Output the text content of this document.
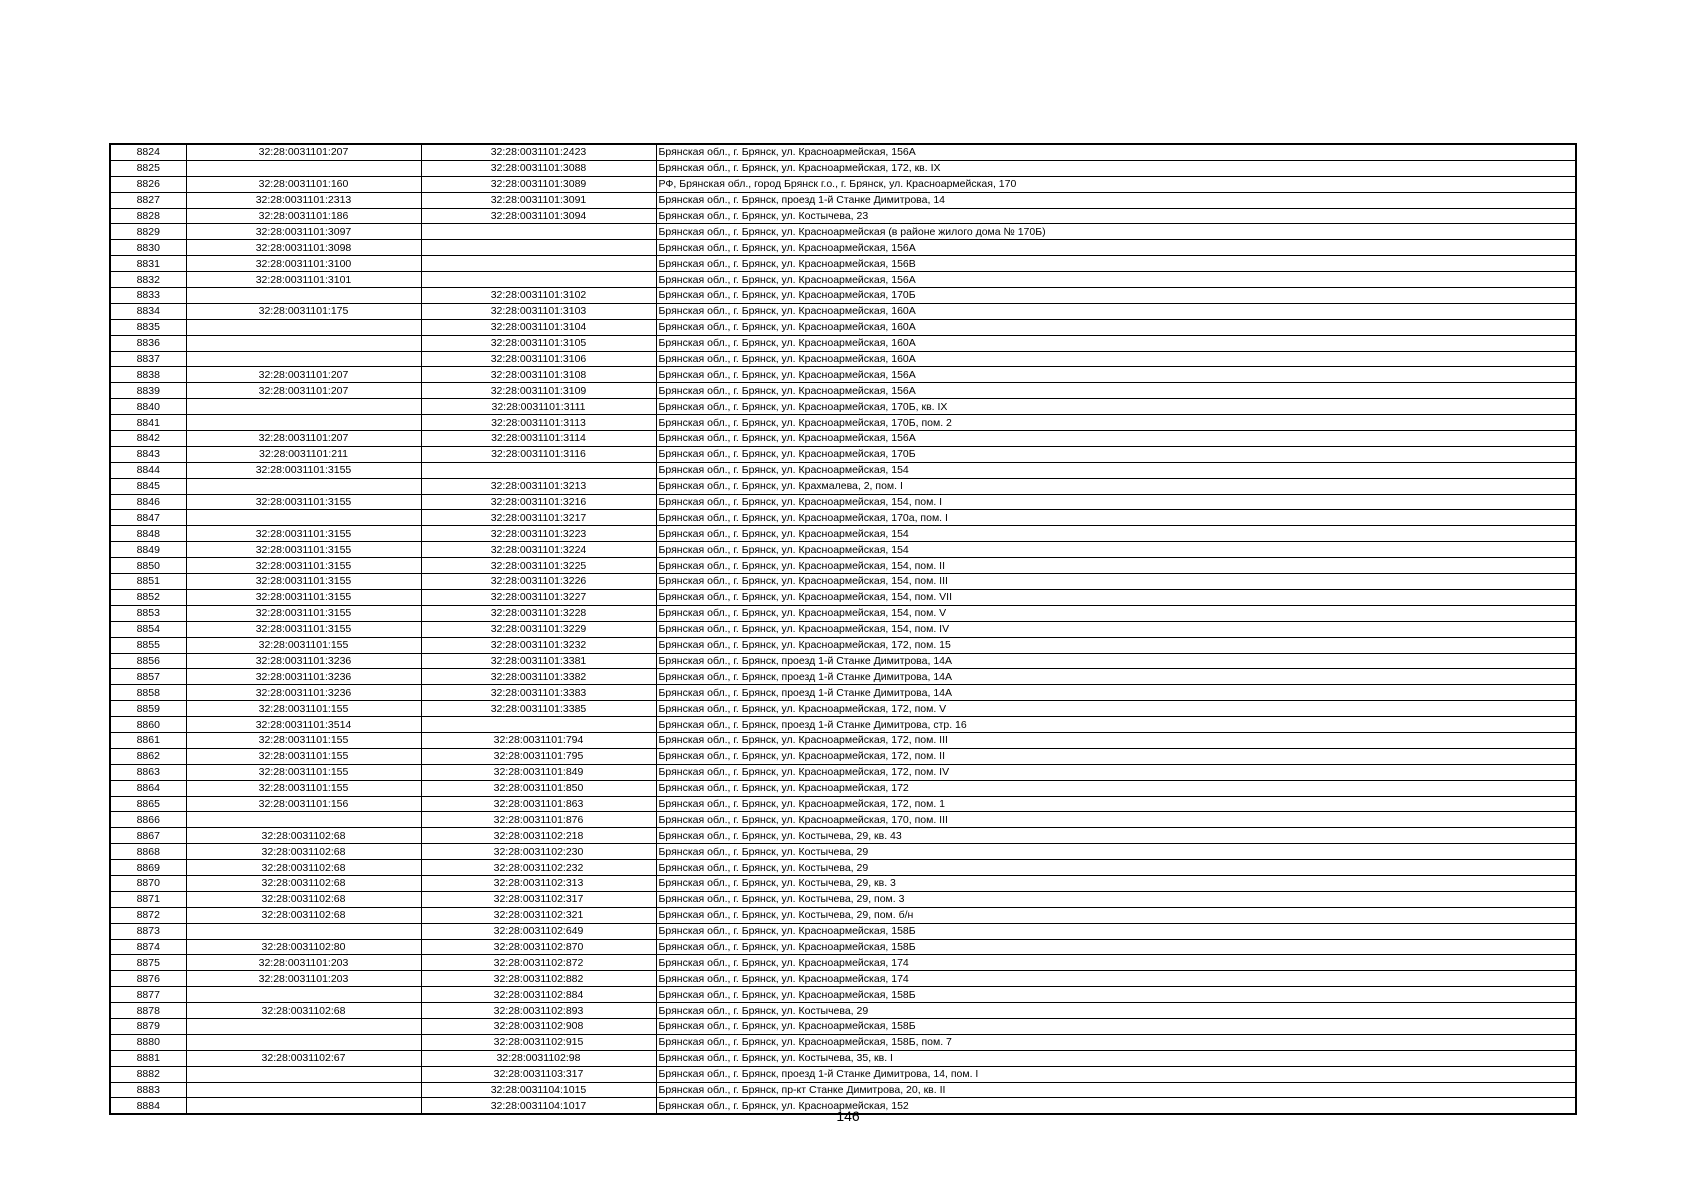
8824	32:28:0031101:207	32:28:0031101:2423	Брянская обл., г. Брянск, ул. Красноармейская, 156А
8825		32:28:0031101:3088	Брянская обл., г. Брянск, ул. Красноармейская, 172, кв. IX
8826	32:28:0031101:160	32:28:0031101:3089	РФ, Брянская обл., город Брянск г.о., г. Брянск, ул. Красноармейская, 170
8827	32:28:0031101:2313	32:28:0031101:3091	Брянская обл., г. Брянск, проезд 1-й Станке Димитрова, 14
8828	32:28:0031101:186	32:28:0031101:3094	Брянская обл., г. Брянск, ул. Костычева, 23
8829	32:28:0031101:3097		Брянская обл., г. Брянск, ул. Красноармейская (в районе жилого дома № 170Б)
8830	32:28:0031101:3098		Брянская обл., г. Брянск, ул. Красноармейская, 156А
8831	32:28:0031101:3100		Брянская обл., г. Брянск, ул. Красноармейская, 156В
8832	32:28:0031101:3101		Брянская обл., г. Брянск, ул. Красноармейская, 156А
8833		32:28:0031101:3102	Брянская обл., г. Брянск, ул. Красноармейская, 170Б
8834	32:28:0031101:175	32:28:0031101:3103	Брянская обл., г. Брянск, ул. Красноармейская, 160А
8835		32:28:0031101:3104	Брянская обл., г. Брянск, ул. Красноармейская, 160А
8836		32:28:0031101:3105	Брянская обл., г. Брянск, ул. Красноармейская, 160А
8837		32:28:0031101:3106	Брянская обл., г. Брянск, ул. Красноармейская, 160А
8838	32:28:0031101:207	32:28:0031101:3108	Брянская обл., г. Брянск, ул. Красноармейская, 156А
8839	32:28:0031101:207	32:28:0031101:3109	Брянская обл., г. Брянск, ул. Красноармейская, 156А
8840		32:28:0031101:3111	Брянская обл., г. Брянск, ул. Красноармейская, 170Б, кв. IX
8841		32:28:0031101:3113	Брянская обл., г. Брянск, ул. Красноармейская, 170Б, пом. 2
8842	32:28:0031101:207	32:28:0031101:3114	Брянская обл., г. Брянск, ул. Красноармейская, 156А
8843	32:28:0031101:211	32:28:0031101:3116	Брянская обл., г. Брянск, ул. Красноармейская, 170Б
8844	32:28:0031101:3155		Брянская обл., г. Брянск, ул. Красноармейская, 154
8845		32:28:0031101:3213	Брянская обл., г. Брянск, ул. Крахмалева, 2, пом. I
8846	32:28:0031101:3155	32:28:0031101:3216	Брянская обл., г. Брянск, ул. Красноармейская, 154, пом. I
8847		32:28:0031101:3217	Брянская обл., г. Брянск, ул. Красноармейская, 170а, пом. I
8848	32:28:0031101:3155	32:28:0031101:3223	Брянская обл., г. Брянск, ул. Красноармейская, 154
8849	32:28:0031101:3155	32:28:0031101:3224	Брянская обл., г. Брянск, ул. Красноармейская, 154
8850	32:28:0031101:3155	32:28:0031101:3225	Брянская обл., г. Брянск, ул. Красноармейская, 154, пом. II
8851	32:28:0031101:3155	32:28:0031101:3226	Брянская обл., г. Брянск, ул. Красноармейская, 154, пом. III
8852	32:28:0031101:3155	32:28:0031101:3227	Брянская обл., г. Брянск, ул. Красноармейская, 154, пом. VII
8853	32:28:0031101:3155	32:28:0031101:3228	Брянская обл., г. Брянск, ул. Красноармейская, 154, пом. V
8854	32:28:0031101:3155	32:28:0031101:3229	Брянская обл., г. Брянск, ул. Красноармейская, 154, пом. IV
8855	32:28:0031101:155	32:28:0031101:3232	Брянская обл., г. Брянск, ул. Красноармейская, 172, пом. 15
8856	32:28:0031101:3236	32:28:0031101:3381	Брянская обл., г. Брянск, проезд 1-й Станке Димитрова, 14А
8857	32:28:0031101:3236	32:28:0031101:3382	Брянская обл., г. Брянск, проезд 1-й Станке Димитрова, 14А
8858	32:28:0031101:3236	32:28:0031101:3383	Брянская обл., г. Брянск, проезд 1-й Станке Димитрова, 14А
8859	32:28:0031101:155	32:28:0031101:3385	Брянская обл., г. Брянск, ул. Красноармейская, 172, пом. V
8860	32:28:0031101:3514		Брянская обл., г. Брянск, проезд 1-й Станке Димитрова, стр. 16
8861	32:28:0031101:155	32:28:0031101:794	Брянская обл., г. Брянск, ул. Красноармейская, 172, пом. III
8862	32:28:0031101:155	32:28:0031101:795	Брянская обл., г. Брянск, ул. Красноармейская, 172, пом. II
8863	32:28:0031101:155	32:28:0031101:849	Брянская обл., г. Брянск, ул. Красноармейская, 172, пом. IV
8864	32:28:0031101:155	32:28:0031101:850	Брянская обл., г. Брянск, ул. Красноармейская, 172
8865	32:28:0031101:156	32:28:0031101:863	Брянская обл., г. Брянск, ул. Красноармейская, 172, пом. 1
8866		32:28:0031101:876	Брянская обл., г. Брянск, ул. Красноармейская, 170, пом. III
8867	32:28:0031102:68	32:28:0031102:218	Брянская обл., г. Брянск, ул. Костычева, 29, кв. 43
8868	32:28:0031102:68	32:28:0031102:230	Брянская обл., г. Брянск, ул. Костычева, 29
8869	32:28:0031102:68	32:28:0031102:232	Брянская обл., г. Брянск, ул. Костычева, 29
8870	32:28:0031102:68	32:28:0031102:313	Брянская обл., г. Брянск, ул. Костычева, 29, кв. 3
8871	32:28:0031102:68	32:28:0031102:317	Брянская обл., г. Брянск, ул. Костычева, 29, пом. 3
8872	32:28:0031102:68	32:28:0031102:321	Брянская обл., г. Брянск, ул. Костычева, 29, пом. б/н
8873		32:28:0031102:649	Брянская обл., г. Брянск, ул. Красноармейская, 158Б
8874	32:28:0031102:80	32:28:0031102:870	Брянская обл., г. Брянск, ул. Красноармейская, 158Б
8875	32:28:0031101:203	32:28:0031102:872	Брянская обл., г. Брянск, ул. Красноармейская, 174
8876	32:28:0031101:203	32:28:0031102:882	Брянская обл., г. Брянск, ул. Красноармейская, 174
8877		32:28:0031102:884	Брянская обл., г. Брянск, ул. Красноармейская, 158Б
8878	32:28:0031102:68	32:28:0031102:893	Брянская обл., г. Брянск, ул. Костычева, 29
8879		32:28:0031102:908	Брянская обл., г. Брянск, ул. Красноармейская, 158Б
8880		32:28:0031102:915	Брянская обл., г. Брянск, ул. Красноармейская, 158Б, пом. 7
8881	32:28:0031102:67	32:28:0031102:98	Брянская обл., г. Брянск, ул. Костычева, 35, кв. I
8882		32:28:0031103:317	Брянская обл., г. Брянск, проезд 1-й Станке Димитрова, 14, пом. I
8883		32:28:0031104:1015	Брянская обл., г. Брянск, пр-кт Станке Димитрова, 20, кв. II
8884		32:28:0031104:1017	Брянская обл., г. Брянск, ул. Красноармейская, 152
146
